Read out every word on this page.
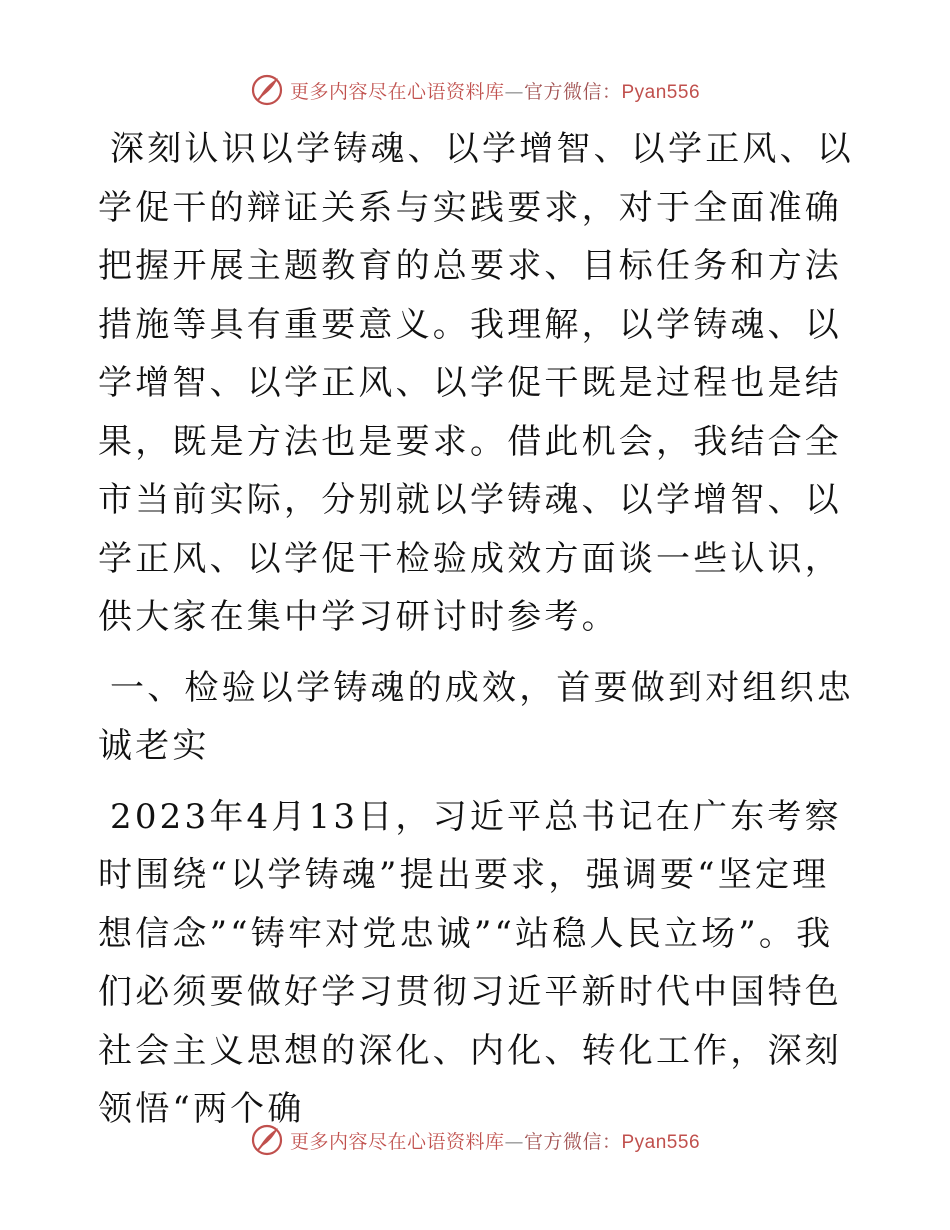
更多内容尽在心语资料库—官方微信：Pyan556

深刻认识以学铸魂、以学增智、以学正风、以学促干的辩证关系与实践要求，对于全面准确把握开展主题教育的总要求、目标任务和方法措施等具有重要意义。我理解，以学铸魂、以学增智、以学正风、以学促干既是过程也是结果，既是方法也是要求。借此机会，我结合全市当前实际，分别就以学铸魂、以学增智、以学正风、以学促干检验成效方面谈一些认识，供大家在集中学习研讨时参考。

一、检验以学铸魂的成效，首要做到对组织忠诚老实

2023年4月13日，习近平总书记在广东考察时围绕“以学铸魂”提出要求，强调要“坚定理想信念”“铸牢对党忠诚”“站稳人民立场”。我们必须要做好学习贯彻习近平新时代中国特色社会主义思想的深化、内化、转化工作，深刻领悟“两个确

更多内容尽在心语资料库—官方微信：Pyan556
